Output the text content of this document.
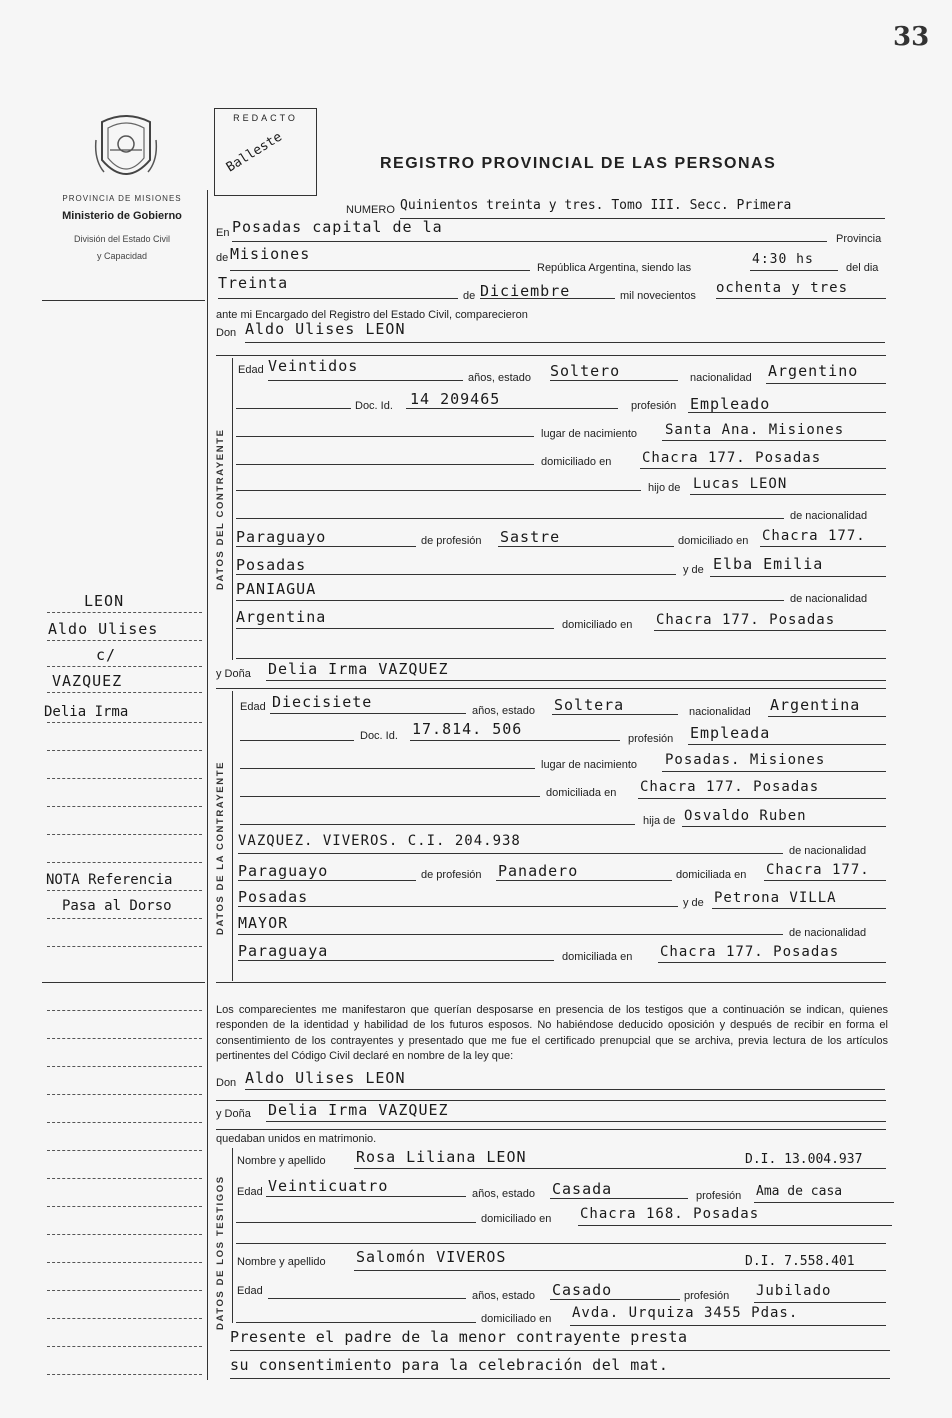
33
PROVINCIA DE MISIONES
Ministerio de Gobierno
División del Estado Civil
y Capacidad
REDACTO
Balleste	REGISTRO PROVINCIAL DE LAS PERSONAS
NUMERO Quinientos treinta y tres. Tomo III. Secc. Primera
En Posadas capital de la
Provincia
de Misiones
República Argentina, siendo las
4:30 hs
del dia
Treinta
de Diciembre	mil novecientos ochenta y tres
ante mi Encargado del Registro del Estado Civil, comparecieron
Don Aldo Ulises LEON
DATOS DEL CONTRAYENTE
Edad Veintidos
años, estado Soltero	nacionalidad Argentino
Doc. Id. 14 209465	profesión Empleado
lugar de nacimiento Santa Ana. Misiones
domiciliado en Chacra 177. Posadas
hijo de Lucas LEON
de nacionalidad
Paraguayo	de profesión Sastre	domiciliado en Chacra 177.
Posadas	y de Elba Emilia
PANIAGUA
de nacionalidad
Argentina	domiciliado en Chacra 177. Posadas
y Doña Delia Irma VAZQUEZ
DATOS DE LA CONTRAYENTE
Edad Diecisiete	años, estado Soltera	nacionalidad Argentina
Doc. Id. 17.814. 506
profesión Empleada
lugar de nacimiento Posadas. Misiones
domiciliada en Chacra 177. Posadas
hija de Osvaldo Ruben
VAZQUEZ. VIVEROS. C.I. 204.938
de nacionalidad
Paraguayo	de profesión Panadero	domiciliada en Chacra 177.
Posadas	y de Petrona VILLA
MAYOR
de nacionalidad
Paraguaya	domiciliada en Chacra 177. Posadas
Los comparecientes me manifestaron que querían desposarse en presencia de los testigos que a continuación se indican, quienes responden de la identidad y habilidad de los futuros esposos. No habiéndose deducido oposición y después de recibir en forma el consentimiento de los contrayentes y presentado que me fue el certificado prenupcial que se archiva, previa lectura de los artículos pertinentes del Código Civil declaré en nombre de la ley que:
Don Aldo Ulises LEON
y Doña Delia Irma VAZQUEZ
quedaban unidos en matrimonio.
DATOS DE LOS TESTIGOS
Nombre y apellido Rosa Liliana LEON	D.I. 13.004.937
Edad Veinticuatro	años, estado Casada	profesión Ama de casa
domiciliado en Chacra 168. Posadas
Nombre y apellido Salomón VIVEROS	D.I. 7.558.401
Edad	años, estado Casado	profesión Jubilado
domiciliado en Avda. Urquiza 3455 Pdas.
Presente el padre de la menor contrayente presta
su consentimiento para la celebración del mat.
LEON
Aldo Ulises
c/
VAZQUEZ
Delia Irma
NOTA Referencia
Pasa al Dorso
